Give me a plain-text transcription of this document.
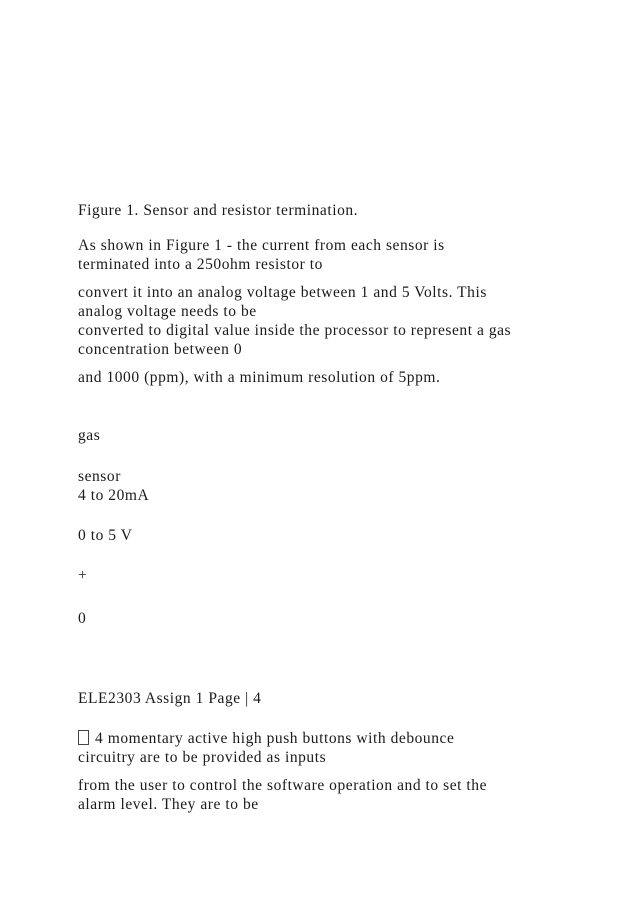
Figure 1. Sensor and resistor termination.
As shown in Figure 1 - the current from each sensor is
terminated into a 250ohm resistor to
convert it into an analog voltage between 1 and 5 Volts. This
analog voltage needs to be
converted to digital value inside the processor to represent a gas
concentration between 0
and 1000 (ppm), with a minimum resolution of 5ppm.
gas
sensor
4 to 20mA
0 to 5 V
+
0
ELE2303 Assign 1 Page | 4
4 momentary active high push buttons with debounce
circuitry are to be provided as inputs
from the user to control the software operation and to set the
alarm level. They are to be
